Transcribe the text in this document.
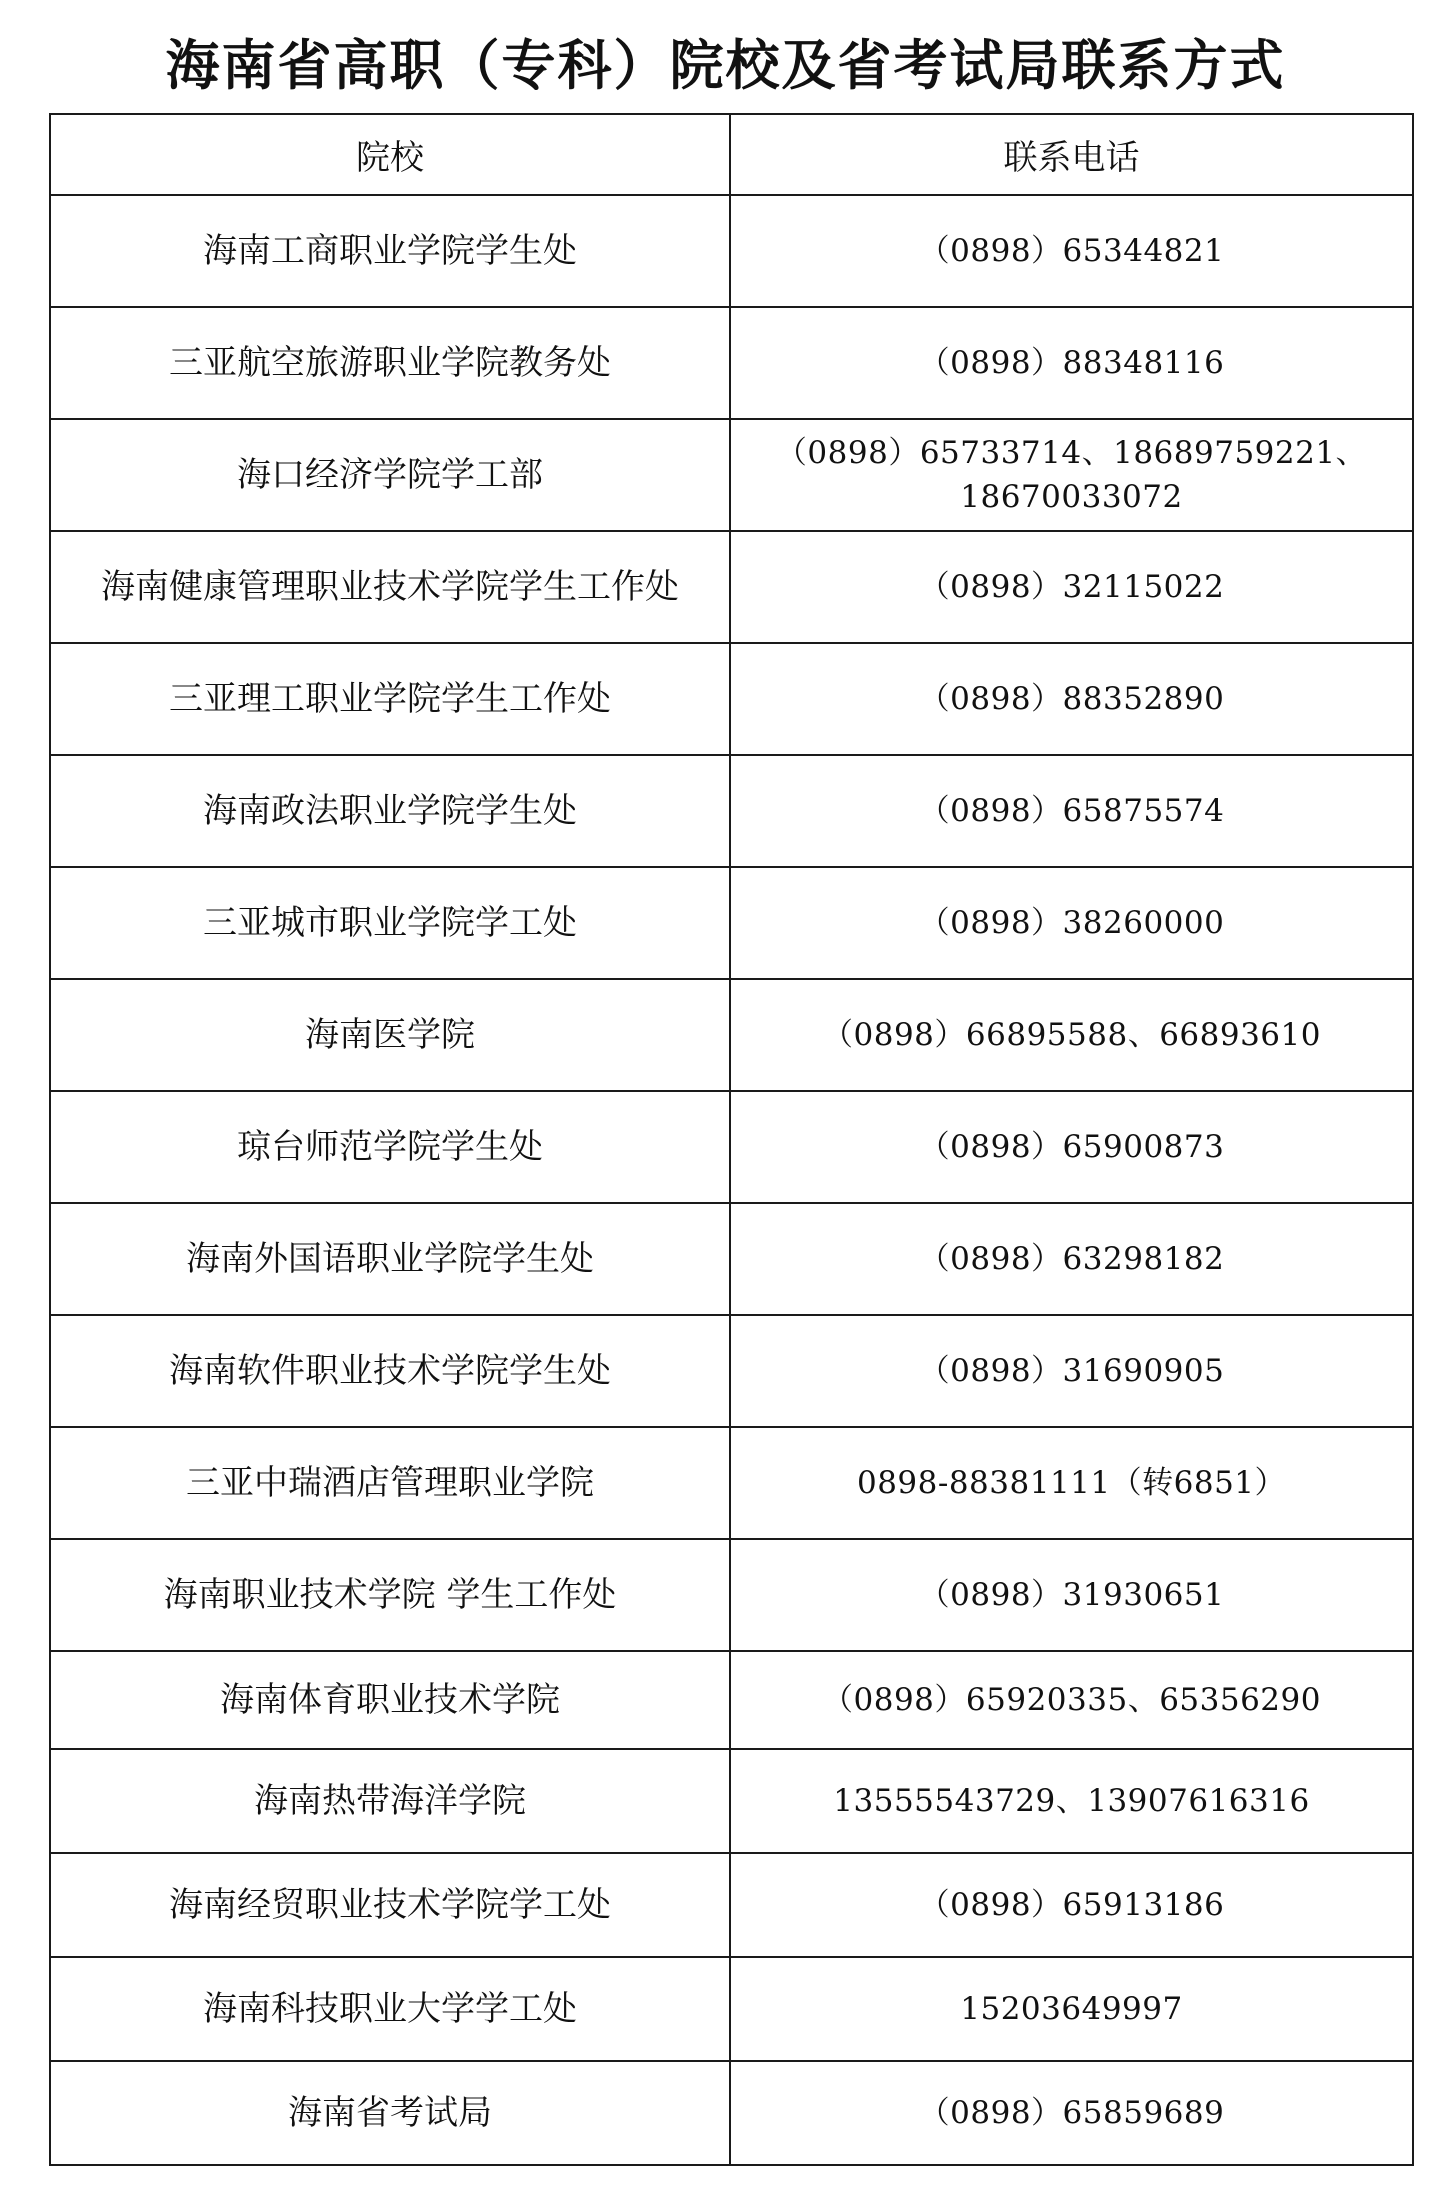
海南省高职（专科）院校及省考试局联系方式
院校	联系电话
海南工商职业学院学生处	（0898）65344821
三亚航空旅游职业学院教务处	（0898）88348116
海口经济学院学工部	（0898）65733714、18689759221、18670033072
海南健康管理职业技术学院学生工作处	（0898）32115022
三亚理工职业学院学生工作处	（0898）88352890
海南政法职业学院学生处	（0898）65875574
三亚城市职业学院学工处	（0898）38260000
海南医学院	（0898）66895588、66893610
琼台师范学院学生处	（0898）65900873
海南外国语职业学院学生处	（0898）63298182
海南软件职业技术学院学生处	（0898）31690905
三亚中瑞酒店管理职业学院	0898-88381111（转6851）
海南职业技术学院 学生工作处	（0898）31930651
海南体育职业技术学院	（0898）65920335、65356290
海南热带海洋学院	13555543729、13907616316
海南经贸职业技术学院学工处	（0898）65913186
海南科技职业大学学工处	15203649997
海南省考试局	（0898）65859689
